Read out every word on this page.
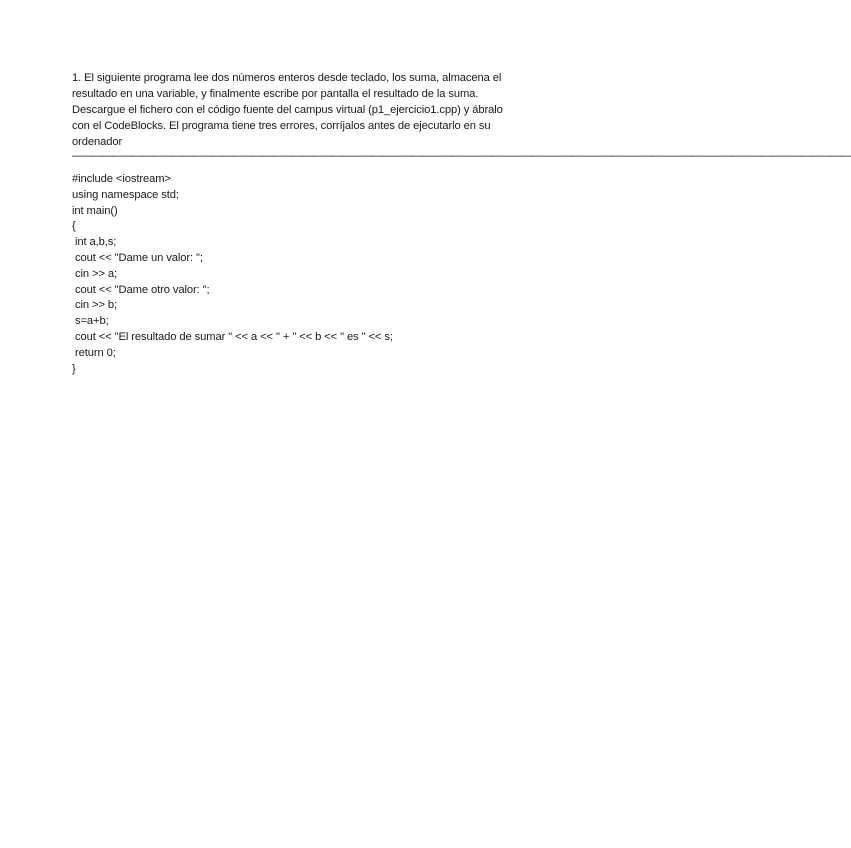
1. El siguiente programa lee dos números enteros desde teclado, los suma, almacena el

resultado en una variable, y finalmente escribe por pantalla el resultado de la suma.

Descargue el fichero con el código fuente del campus virtual (p1_ejercicio1.cpp) y ábralo

con el CodeBlocks. El programa tiene tres errores, corríjalos antes de ejecutarlo en su

ordenador

——————————————————————————————————————————————————————————————————————————————
#include <iostream>
using namespace std;
int main()
{
int a,b,s;
cout << "Dame un valor: ";
cin >> a;
cout << "Dame otro valor: ";
cin >> b;
s=a+b;
cout << "El resultado de sumar " << a << " + " << b << " es " << s;
return 0;
}
